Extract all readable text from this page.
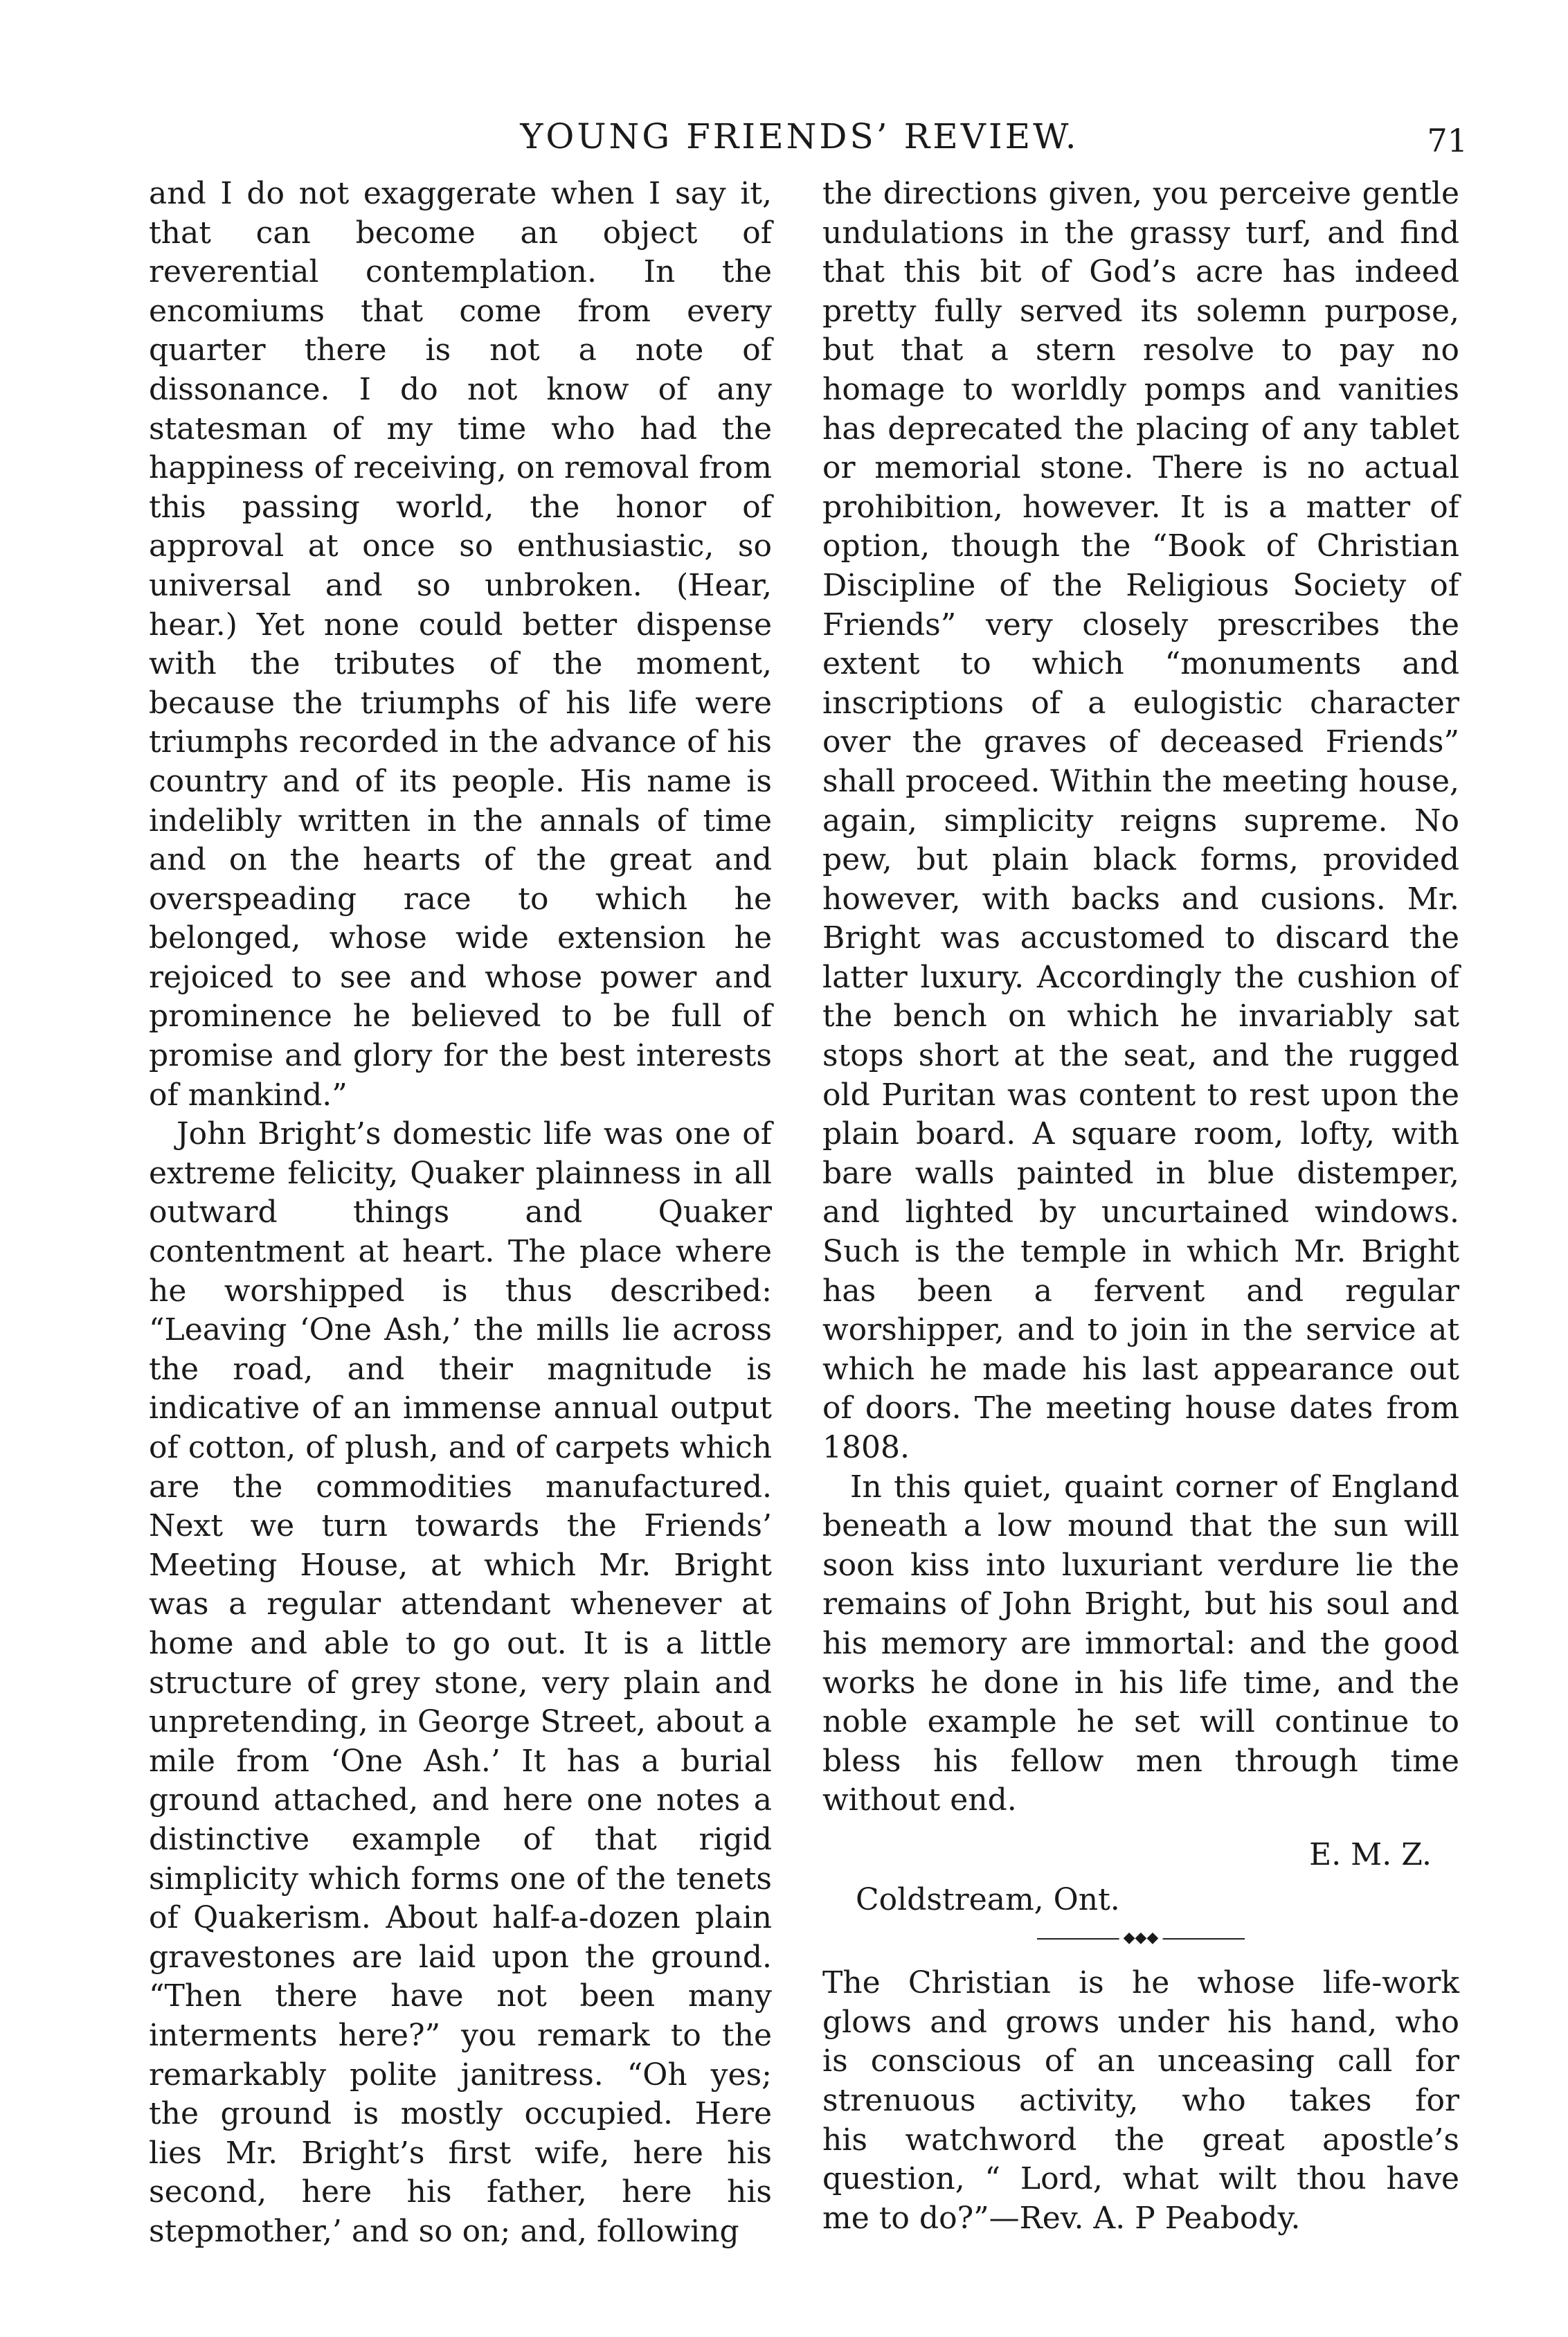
YOUNG FRIENDS’ REVIEW.	71

and I do not exaggerate when I say it, that can become an object of reverential contemplation. In the encomiums that come from every quarter there is not a note of dissonance. I do not know of any statesman of my time who had the happiness of receiving, on removal from this passing world, the honor of approval at once so enthusiastic, so universal and so unbroken. (Hear, hear.) Yet none could better dispense with the tributes of the moment, because the triumphs of his life were triumphs recorded in the advance of his country and of its people. His name is indelibly written in the annals of time and on the hearts of the great and overspeading race to which he belonged, whose wide extension he rejoiced to see and whose power and prominence he believed to be full of promise and glory for the best interests of mankind.”

John Bright’s domestic life was one of extreme felicity, Quaker plainness in all outward things and Quaker contentment at heart. The place where he worshipped is thus described: “Leaving ‘One Ash,’ the mills lie across the road, and their magnitude is indicative of an immense annual output of cotton, of plush, and of carpets which are the commodities manufactured. Next we turn towards the Friends’ Meeting House, at which Mr. Bright was a regular attendant whenever at home and able to go out. It is a little structure of grey stone, very plain and unpretending, in George Street, about a mile from ‘One Ash.’ It has a burial ground attached, and here one notes a distinctive example of that rigid simplicity which forms one of the tenets of Quakerism. About half-a-dozen plain gravestones are laid upon the ground. “Then there have not been many interments here?” you remark to the remarkably polite janitress. “Oh yes; the ground is mostly occupied. Here lies Mr. Bright’s first wife, here his second, here his father, here his stepmother,’ and so on; and, following

the directions given, you perceive gentle undulations in the grassy turf, and find that this bit of God’s acre has indeed pretty fully served its solemn purpose, but that a stern resolve to pay no homage to worldly pomps and vanities has deprecated the placing of any tablet or memorial stone. There is no actual prohibition, however. It is a matter of option, though the “Book of Christian Discipline of the Religious Society of Friends” very closely prescribes the extent to which “monuments and inscriptions of a eulogistic character over the graves of deceased Friends” shall proceed. Within the meeting house, again, simplicity reigns supreme. No pew, but plain black forms, provided however, with backs and cusions. Mr. Bright was accustomed to discard the latter luxury. Accordingly the cushion of the bench on which he invariably sat stops short at the seat, and the rugged old Puritan was content to rest upon the plain board. A square room, lofty, with bare walls painted in blue distemper, and lighted by uncurtained windows. Such is the temple in which Mr. Bright has been a fervent and regular worshipper, and to join in the service at which he made his last appearance out of doors. The meeting house dates from 1808.

In this quiet, quaint corner of England beneath a low mound that the sun will soon kiss into luxuriant verdure lie the remains of John Bright, but his soul and his memory are immortal: and the good works he done in his life time, and the noble example he set will continue to bless his fellow men through time without end.

E. M. Z.
Coldstream, Ont.
◆◆◆
The Christian is he whose life-work
glows and grows under his hand, who
is conscious of an unceasing call for
strenuous activity, who takes for
his watchword the great apostle’s
question, “ Lord, what wilt thou have
me to do?”—Rev. A. P Peabody.
